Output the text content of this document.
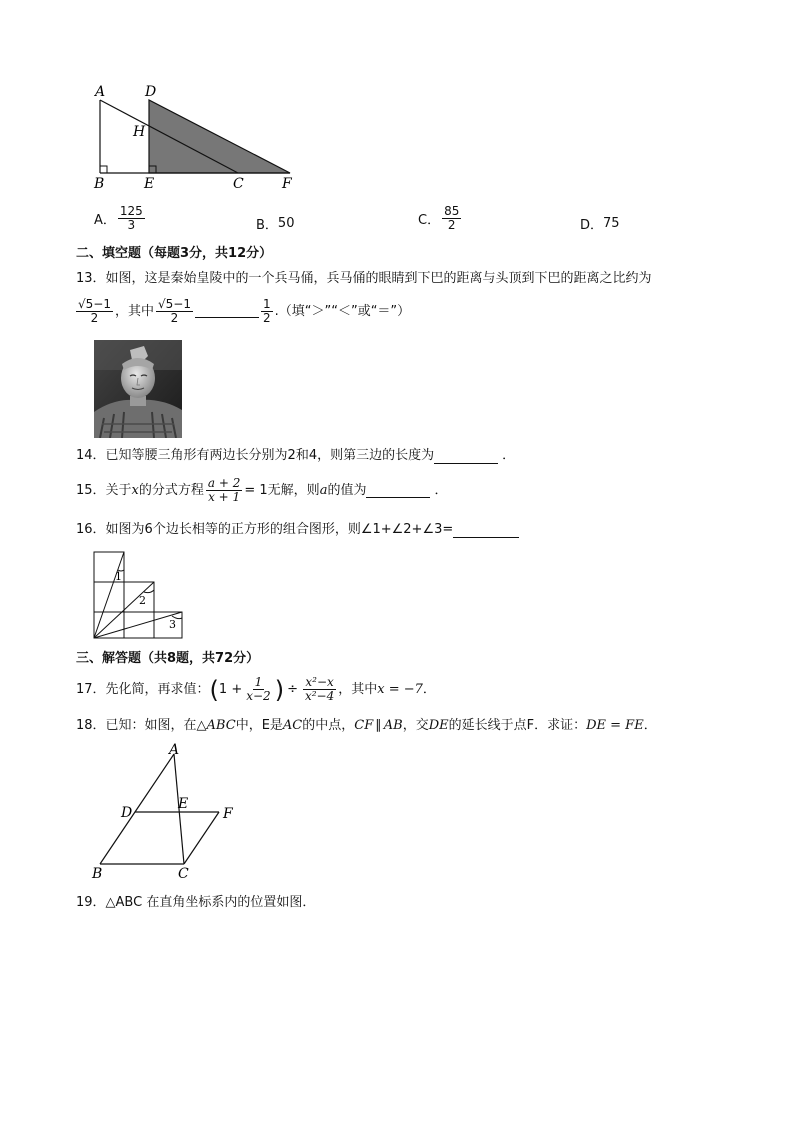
A	D
H
B	E	C	F
A． $\frac{125}{3}$	B． 50	C． $\frac{85}{2}$	D． 75
二、填空题（每题3分，共12分）
13．如图，这是秦始皇陵中的一个兵马俑，兵马俑的眼睛到下巴的距离与头顶到下巴的距离之比约为
$\frac{√5-1}{2}$ ，其中 $\frac{√5-1}{2}$	$\frac{1}{2}$ .（填“＞”“＜”或“＝”）
14．已知等腰三角形有两边长分别为2和4，则第三边的长度为	．
15．关于 x 的分式方程 $\frac{a + 2}{x + 1} = 1$无解，则 a 的值为	．
16．如图为6个边长相等的正方形的组合图形，则∠1+∠2+∠3=
1
2
3
三、解答题（共8题，共72分）
17．先化简，再求值： ( $1 + \frac{1}{x-2}$ ) ÷ $\frac{\text{x²−x}}{\text{x²−4}}$ ，其中 x = −7 ．
18．已知：如图，在△ABC中，E是AC的中点，CF ∥ AB，交DE的延长线于点F．求证：DE = FE．
A
D
E
F
B	C
19．△ABC 在直角坐标系内的位置如图．
